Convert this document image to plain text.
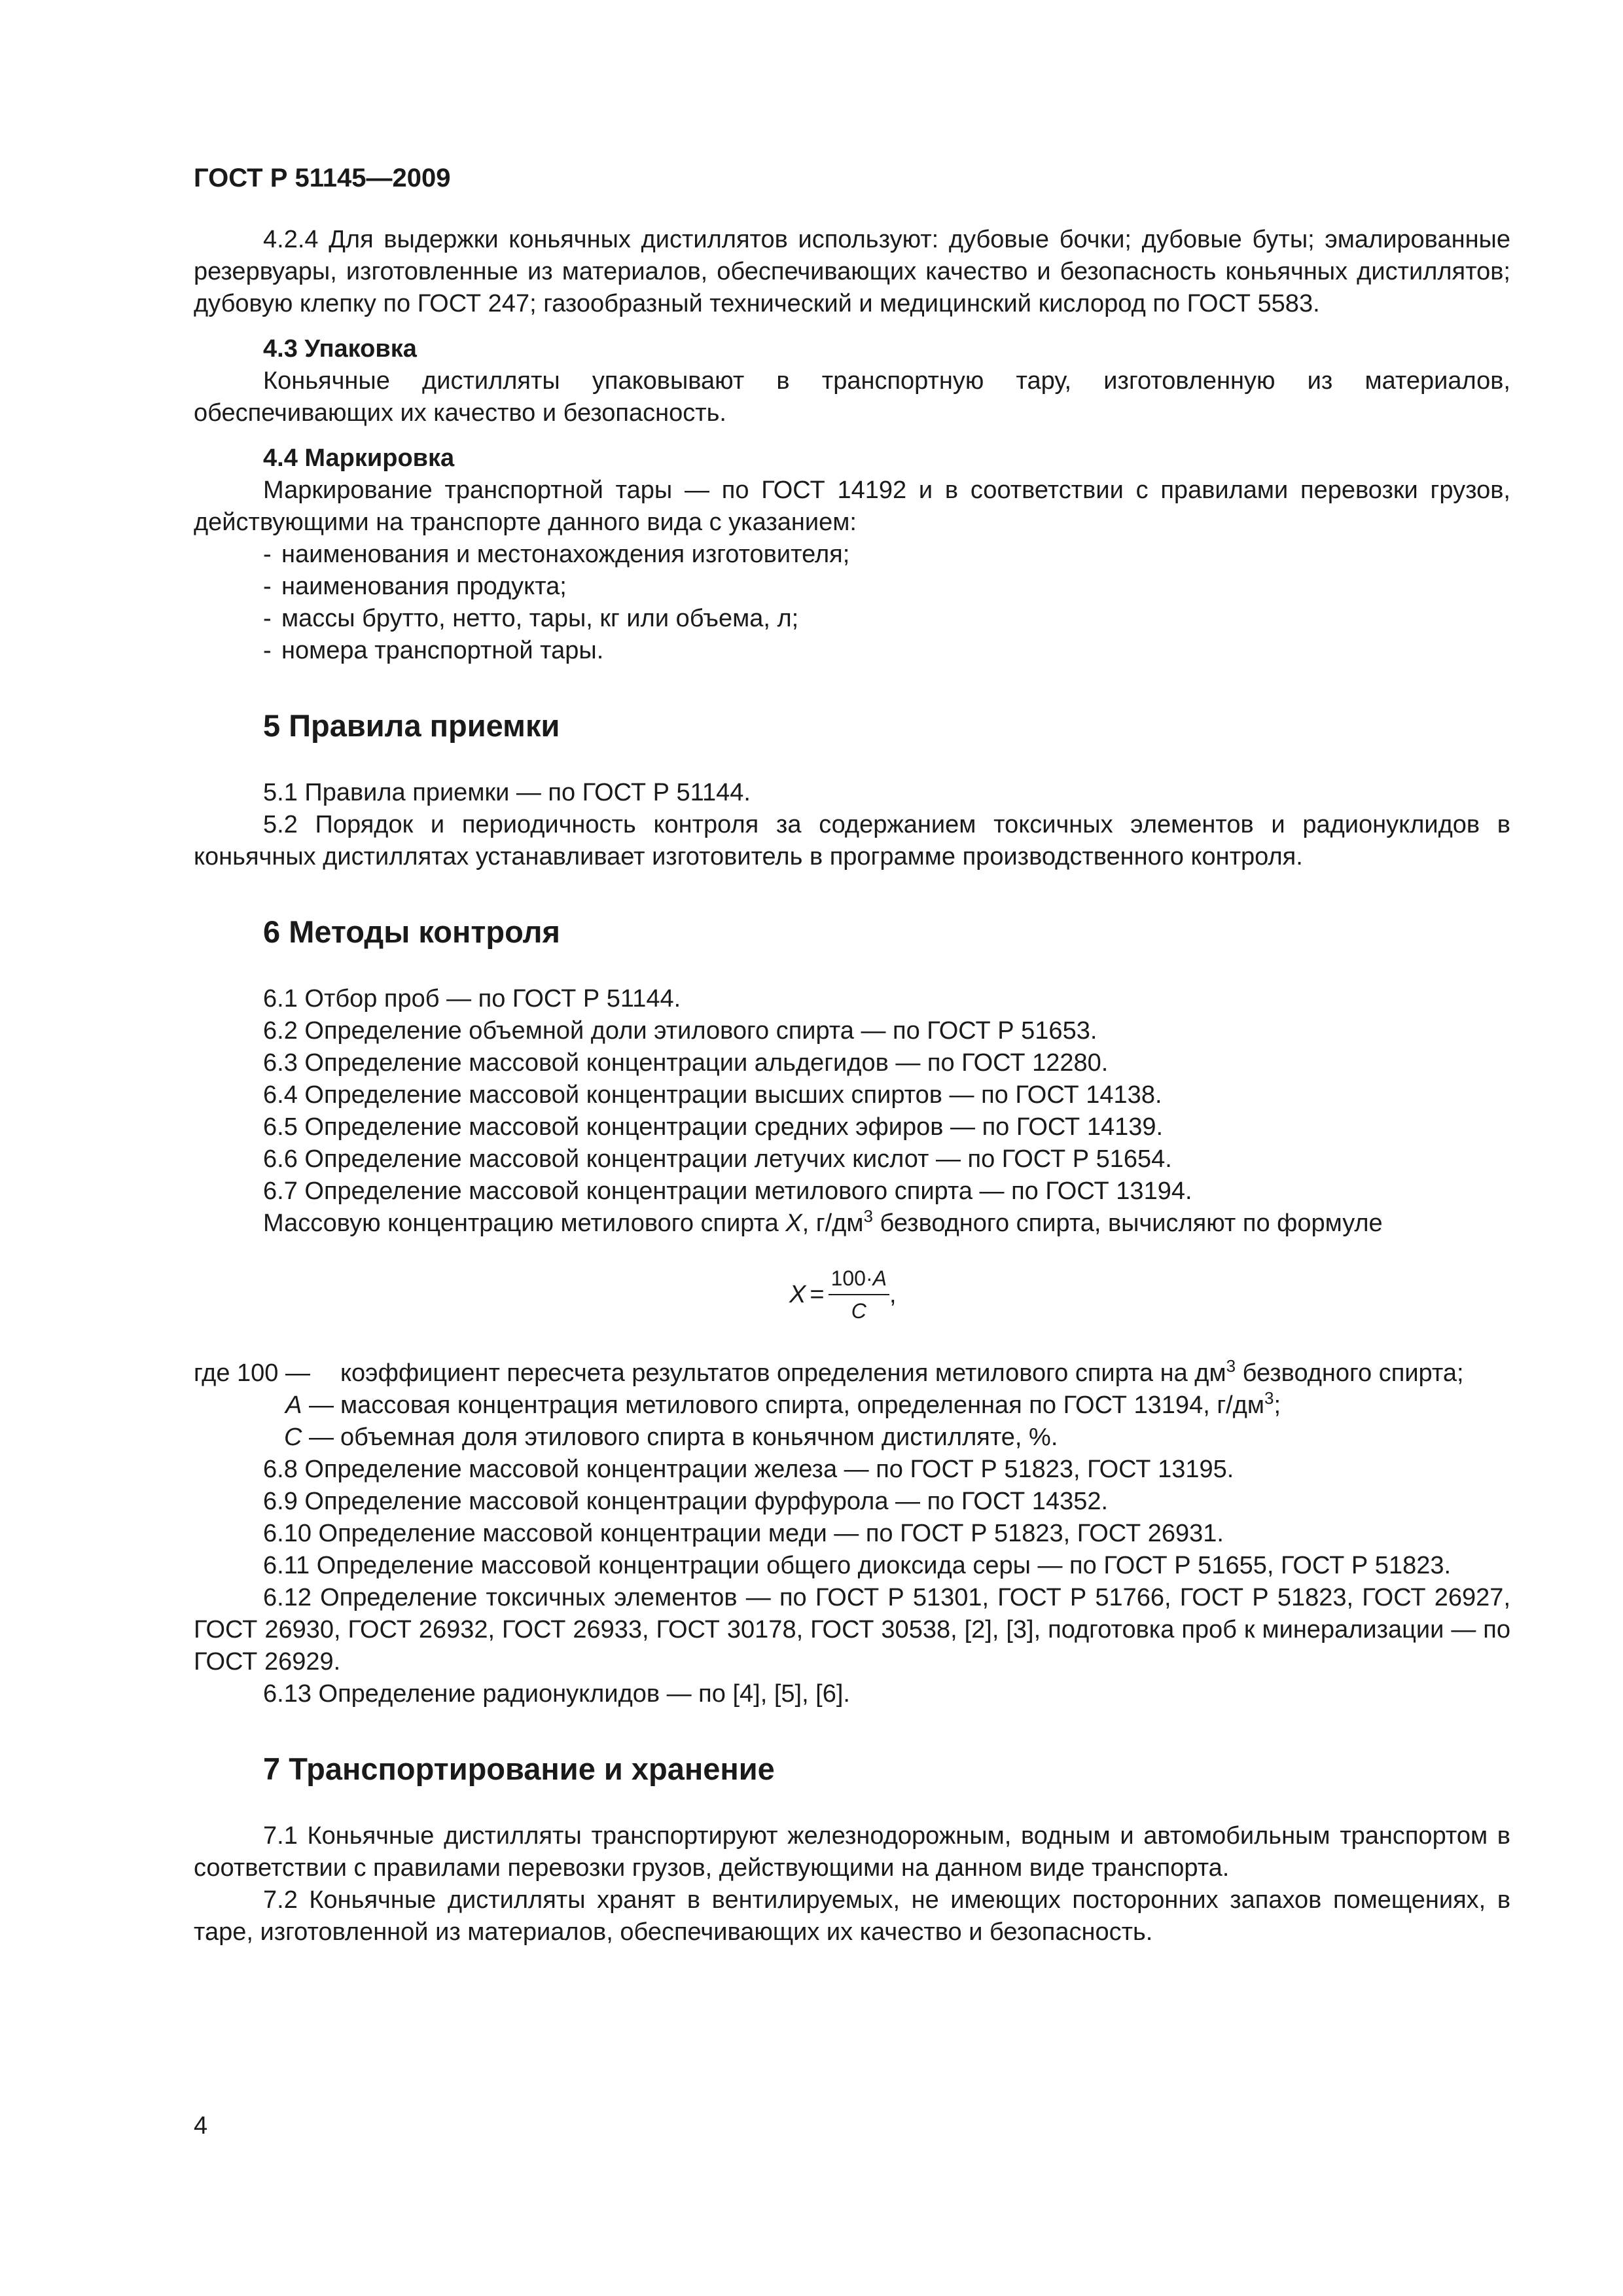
ГОСТ Р 51145—2009

4.2.4 Для выдержки коньячных дистиллятов используют: дубовые бочки; дубовые буты; эмалированные резервуары, изготовленные из материалов, обеспечивающих качество и безопасность коньячных дистиллятов; дубовую клепку по ГОСТ 247; газообразный технический и медицинский кислород по ГОСТ 5583.

4.3 Упаковка

Коньячные дистилляты упаковывают в транспортную тару, изготовленную из материалов, обеспечивающих их качество и безопасность.

4.4 Маркировка

Маркирование транспортной тары — по ГОСТ 14192 и в соответствии с правилами перевозки грузов, действующими на транспорте данного вида с указанием:

- наименования и местонахождения изготовителя;
- наименования продукта;
- массы брутто, нетто, тары, кг или объема, л;
- номера транспортной тары.
5 Правила приемки

5.1 Правила приемки — по ГОСТ Р 51144.

5.2 Порядок и периодичность контроля за содержанием токсичных элементов и радионуклидов в коньячных дистиллятах устанавливает изготовитель в программе производственного контроля.

6 Методы контроля

6.1 Отбор проб — по ГОСТ Р 51144.

6.2 Определение объемной доли этилового спирта — по ГОСТ Р 51653.

6.3 Определение массовой концентрации альдегидов — по ГОСТ 12280.

6.4 Определение массовой концентрации высших спиртов — по ГОСТ 14138.

6.5 Определение массовой концентрации средних эфиров — по ГОСТ 14139.

6.6 Определение массовой концентрации летучих кислот — по ГОСТ Р 51654.

6.7 Определение массовой концентрации метилового спирта — по ГОСТ 13194.

Массовую концентрацию метилового спирта X, $г/дм^3$ безводного спирта, вычисляют по формуле

$X = \frac{100\cdot A}{C}$ ,
где 100 —	коэффициент пересчета результатов определения метилового спирта на $дм^3$ безводного спирта;
A — массовая концентрация метилового спирта, определенная по ГОСТ 13194, $г/дм^3$;
C — объемная доля этилового спирта в коньячном дистилляте, %.

6.8 Определение массовой концентрации железа — по ГОСТ Р 51823, ГОСТ 13195.

6.9 Определение массовой концентрации фурфурола — по ГОСТ 14352.

6.10 Определение массовой концентрации меди — по ГОСТ Р 51823, ГОСТ 26931.

6.11 Определение массовой концентрации общего диоксида серы — по ГОСТ Р 51655, ГОСТ Р 51823.

6.12 Определение токсичных элементов — по ГОСТ Р 51301, ГОСТ Р 51766, ГОСТ Р 51823, ГОСТ 26927, ГОСТ 26930, ГОСТ 26932, ГОСТ 26933, ГОСТ 30178, ГОСТ 30538, [2], [3], подготовка проб к минерализации — по ГОСТ 26929.

6.13 Определение радионуклидов — по [4], [5], [6].

7 Транспортирование и хранение

7.1 Коньячные дистилляты транспортируют железнодорожным, водным и автомобильным транспортом в соответствии с правилами перевозки грузов, действующими на данном виде транспорта.

7.2 Коньячные дистилляты хранят в вентилируемых, не имеющих посторонних запахов помещениях, в таре, изготовленной из материалов, обеспечивающих их качество и безопасность.

4
